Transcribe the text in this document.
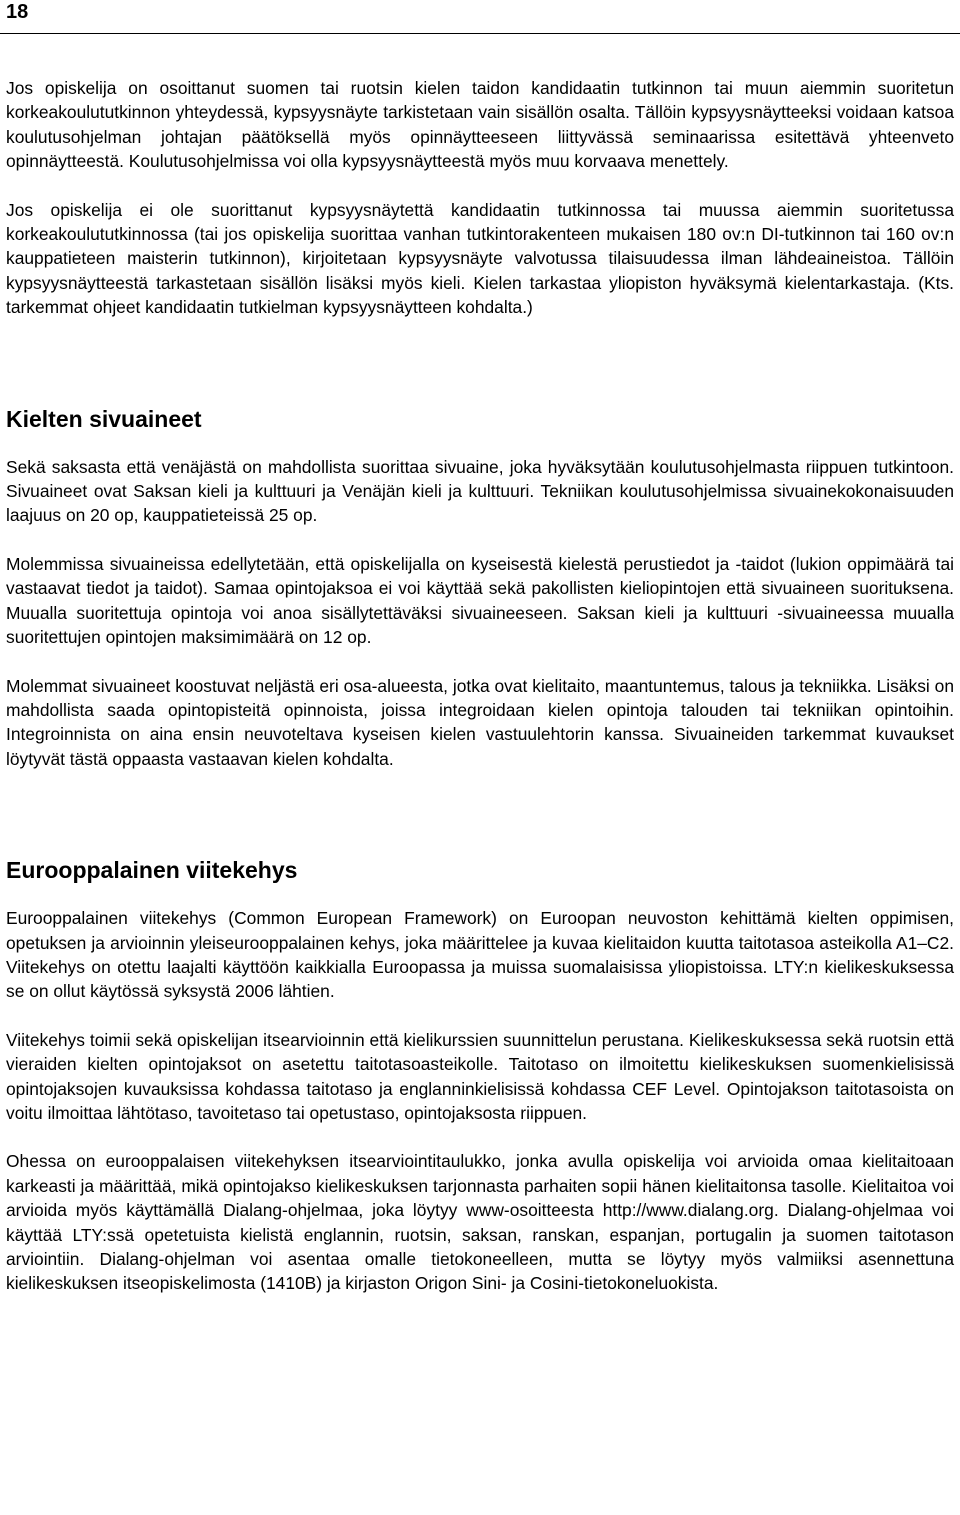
18

Jos opiskelija on osoittanut suomen tai ruotsin kielen taidon kandidaatin tutkinnon tai muun aiemmin suoritetun korkeakoulututkinnon yhteydessä, kypsyysnäyte tarkistetaan vain sisällön osalta. Tällöin kypsyysnäytteeksi voidaan katsoa koulutusohjelman johtajan päätöksellä myös opinnäytteeseen liittyvässä seminaarissa esitettävä yhteenveto opinnäytteestä. Koulutusohjelmissa voi olla kypsyysnäytteestä myös muu korvaava menettely.

Jos opiskelija ei ole suorittanut kypsyysnäytettä kandidaatin tutkinnossa tai muussa aiemmin suoritetussa korkeakoulututkinnossa (tai jos opiskelija suorittaa vanhan tutkintorakenteen mukaisen 180 ov:n DI-tutkinnon tai 160 ov:n kauppatieteen maisterin tutkinnon), kirjoitetaan kypsyysnäyte valvotussa tilaisuudessa ilman lähdeaineistoa. Tällöin kypsyysnäytteestä tarkastetaan sisällön lisäksi myös kieli. Kielen tarkastaa yliopiston hyväksymä kielentarkastaja. (Kts. tarkemmat ohjeet kandidaatin tutkielman kypsyysnäytteen kohdalta.)

Kielten sivuaineet

Sekä saksasta että venäjästä on mahdollista suorittaa sivuaine, joka hyväksytään koulutusohjelmasta riippuen tutkintoon. Sivuaineet ovat Saksan kieli ja kulttuuri ja Venäjän kieli ja kulttuuri. Tekniikan koulutusohjelmissa sivuainekokonaisuuden laajuus on 20 op, kauppatieteissä 25 op.

Molemmissa sivuaineissa edellytetään, että opiskelijalla on kyseisestä kielestä perustiedot ja -taidot (lukion oppimäärä tai vastaavat tiedot ja taidot). Samaa opintojaksoa ei voi käyttää sekä pakollisten kieliopintojen että sivuaineen suorituksena. Muualla suoritettuja opintoja voi anoa sisällytettäväksi sivuaineeseen. Saksan kieli ja kulttuuri -sivuaineessa muualla suoritettujen opintojen maksimimäärä on 12 op.

Molemmat sivuaineet koostuvat neljästä eri osa-alueesta, jotka ovat kielitaito, maantuntemus, talous ja tekniikka. Lisäksi on mahdollista saada opintopisteitä opinnoista, joissa integroidaan kielen opintoja talouden tai tekniikan opintoihin. Integroinnista on aina ensin neuvoteltava kyseisen kielen vastuulehtorin kanssa. Sivuaineiden tarkemmat kuvaukset löytyvät tästä oppaasta vastaavan kielen kohdalta.

Eurooppalainen viitekehys

Eurooppalainen viitekehys (Common European Framework) on Euroopan neuvoston kehittämä kielten oppimisen, opetuksen ja arvioinnin yleiseurooppalainen kehys, joka määrittelee ja kuvaa kielitaidon kuutta taitotasoa asteikolla A1–C2. Viitekehys on otettu laajalti käyttöön kaikkialla Euroopassa ja muissa suomalaisissa yliopistoissa. LTY:n kielikeskuksessa se on ollut käytössä syksystä 2006 lähtien.

Viitekehys toimii sekä opiskelijan itsearvioinnin että kielikurssien suunnittelun perustana. Kielikeskuksessa sekä ruotsin että vieraiden kielten opintojaksot on asetettu taitotasoasteikolle. Taitotaso on ilmoitettu kielikeskuksen suomenkielisissä opintojaksojen kuvauksissa kohdassa taitotaso ja englanninkielisissä kohdassa CEF Level. Opintojakson taitotasoista on voitu ilmoittaa lähtötaso, tavoitetaso tai opetustaso, opintojaksosta riippuen.

Ohessa on eurooppalaisen viitekehyksen itsearviointitaulukko, jonka avulla opiskelija voi arvioida omaa kielitaitoaan karkeasti ja määrittää, mikä opintojakso kielikeskuksen tarjonnasta parhaiten sopii hänen kielitaitonsa tasolle. Kielitaitoa voi arvioida myös käyttämällä Dialang-ohjelmaa, joka löytyy www-osoitteesta http://www.dialang.org. Dialang-ohjelmaa voi käyttää LTY:ssä opetetuista kielistä englannin, ruotsin, saksan, ranskan, espanjan, portugalin ja suomen taitotason arviointiin. Dialang-ohjelman voi asentaa omalle tietokoneelleen, mutta se löytyy myös valmiiksi asennettuna kielikeskuksen itseopiskelimosta (1410B) ja kirjaston Origon Sini- ja Cosini-tietokoneluokista.
